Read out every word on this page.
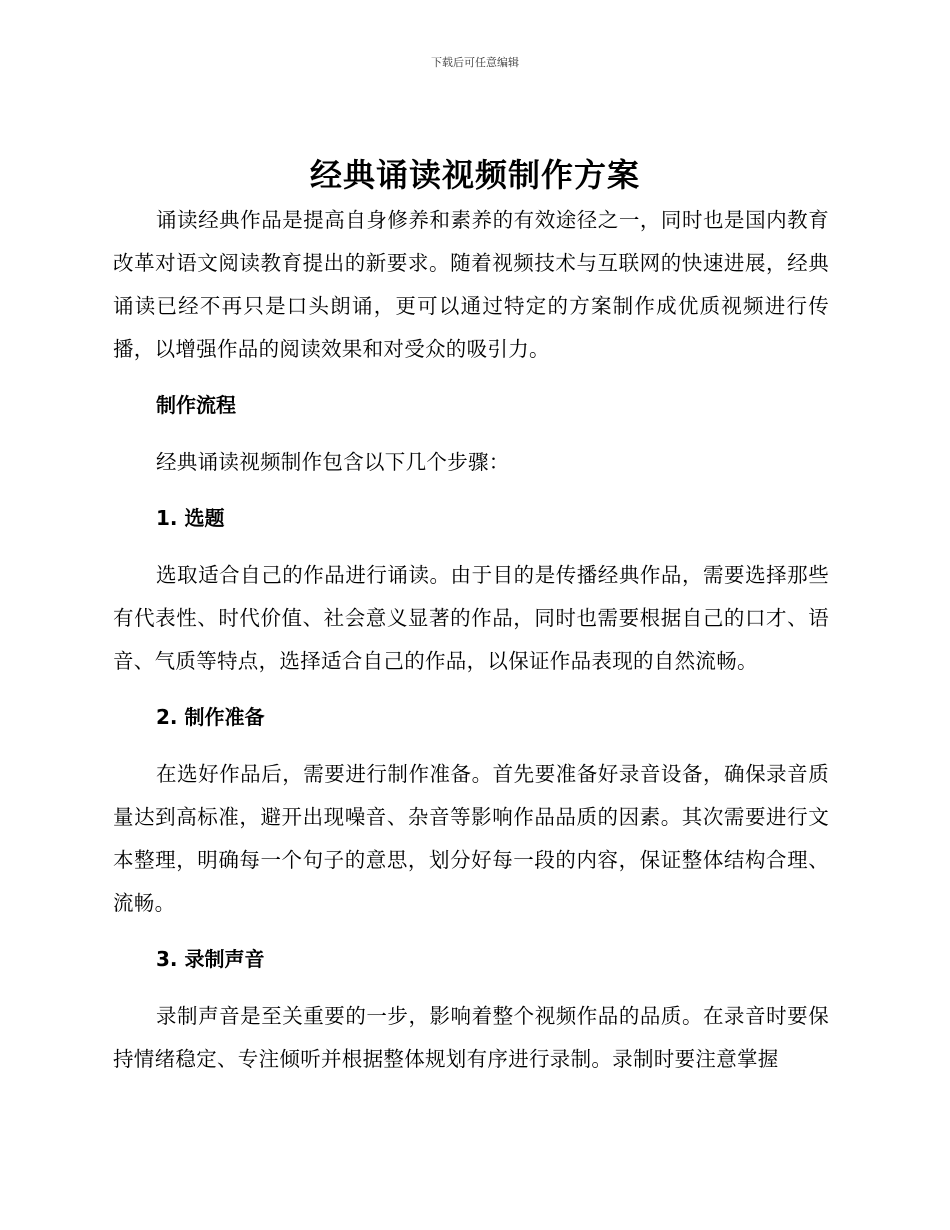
下载后可任意编辑
经典诵读视频制作方案

诵读经典作品是提高自身修养和素养的有效途径之一，同时也是国内教育改革对语文阅读教育提出的新要求。随着视频技术与互联网的快速进展，经典诵读已经不再只是口头朗诵，更可以通过特定的方案制作成优质视频进行传播，以增强作品的阅读效果和对受众的吸引力。

制作流程

经典诵读视频制作包含以下几个步骤：

1. 选题

选取适合自己的作品进行诵读。由于目的是传播经典作品，需要选择那些有代表性、时代价值、社会意义显著的作品，同时也需要根据自己的口才、语音、气质等特点，选择适合自己的作品，以保证作品表现的自然流畅。

2. 制作准备

在选好作品后，需要进行制作准备。首先要准备好录音设备，确保录音质量达到高标准，避开出现噪音、杂音等影响作品品质的因素。其次需要进行文本整理，明确每一个句子的意思，划分好每一段的内容，保证整体结构合理、流畅。

3. 录制声音

录制声音是至关重要的一步，影响着整个视频作品的品质。在录音时要保持情绪稳定、专注倾听并根据整体规划有序进行录制。录制时要注意掌握
